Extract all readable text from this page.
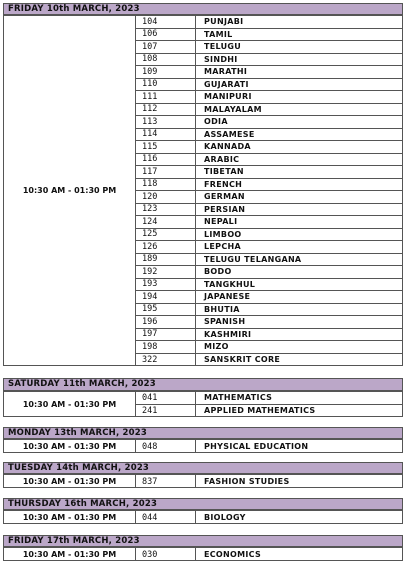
FRIDAY 10th MARCH, 2023
10:30 AM - 01:30 PM
104	PUNJABI
106	TAMIL
107	TELUGU
108	SINDHI
109	MARATHI
110	GUJARATI
111	MANIPURI
112	MALAYALAM
113	ODIA
114	ASSAMESE
115	KANNADA
116	ARABIC
117	TIBETAN
118	FRENCH
120	GERMAN
123	PERSIAN
124	NEPALI
125	LIMBOO
126	LEPCHA
189	TELUGU TELANGANA
192	BODO
193	TANGKHUL
194	JAPANESE
195	BHUTIA
196	SPANISH
197	KASHMIRI
198	MIZO
322	SANSKRIT CORE
SATURDAY 11th MARCH, 2023
10:30 AM - 01:30 PM
041	MATHEMATICS
241	APPLIED MATHEMATICS
MONDAY 13th MARCH, 2023
10:30 AM - 01:30 PM	048	PHYSICAL EDUCATION
TUESDAY 14th MARCH, 2023
10:30 AM - 01:30 PM	837	FASHION STUDIES
THURSDAY 16th MARCH, 2023
10:30 AM - 01:30 PM	044	BIOLOGY
FRIDAY 17th MARCH, 2023
10:30 AM - 01:30 PM	030	ECONOMICS
